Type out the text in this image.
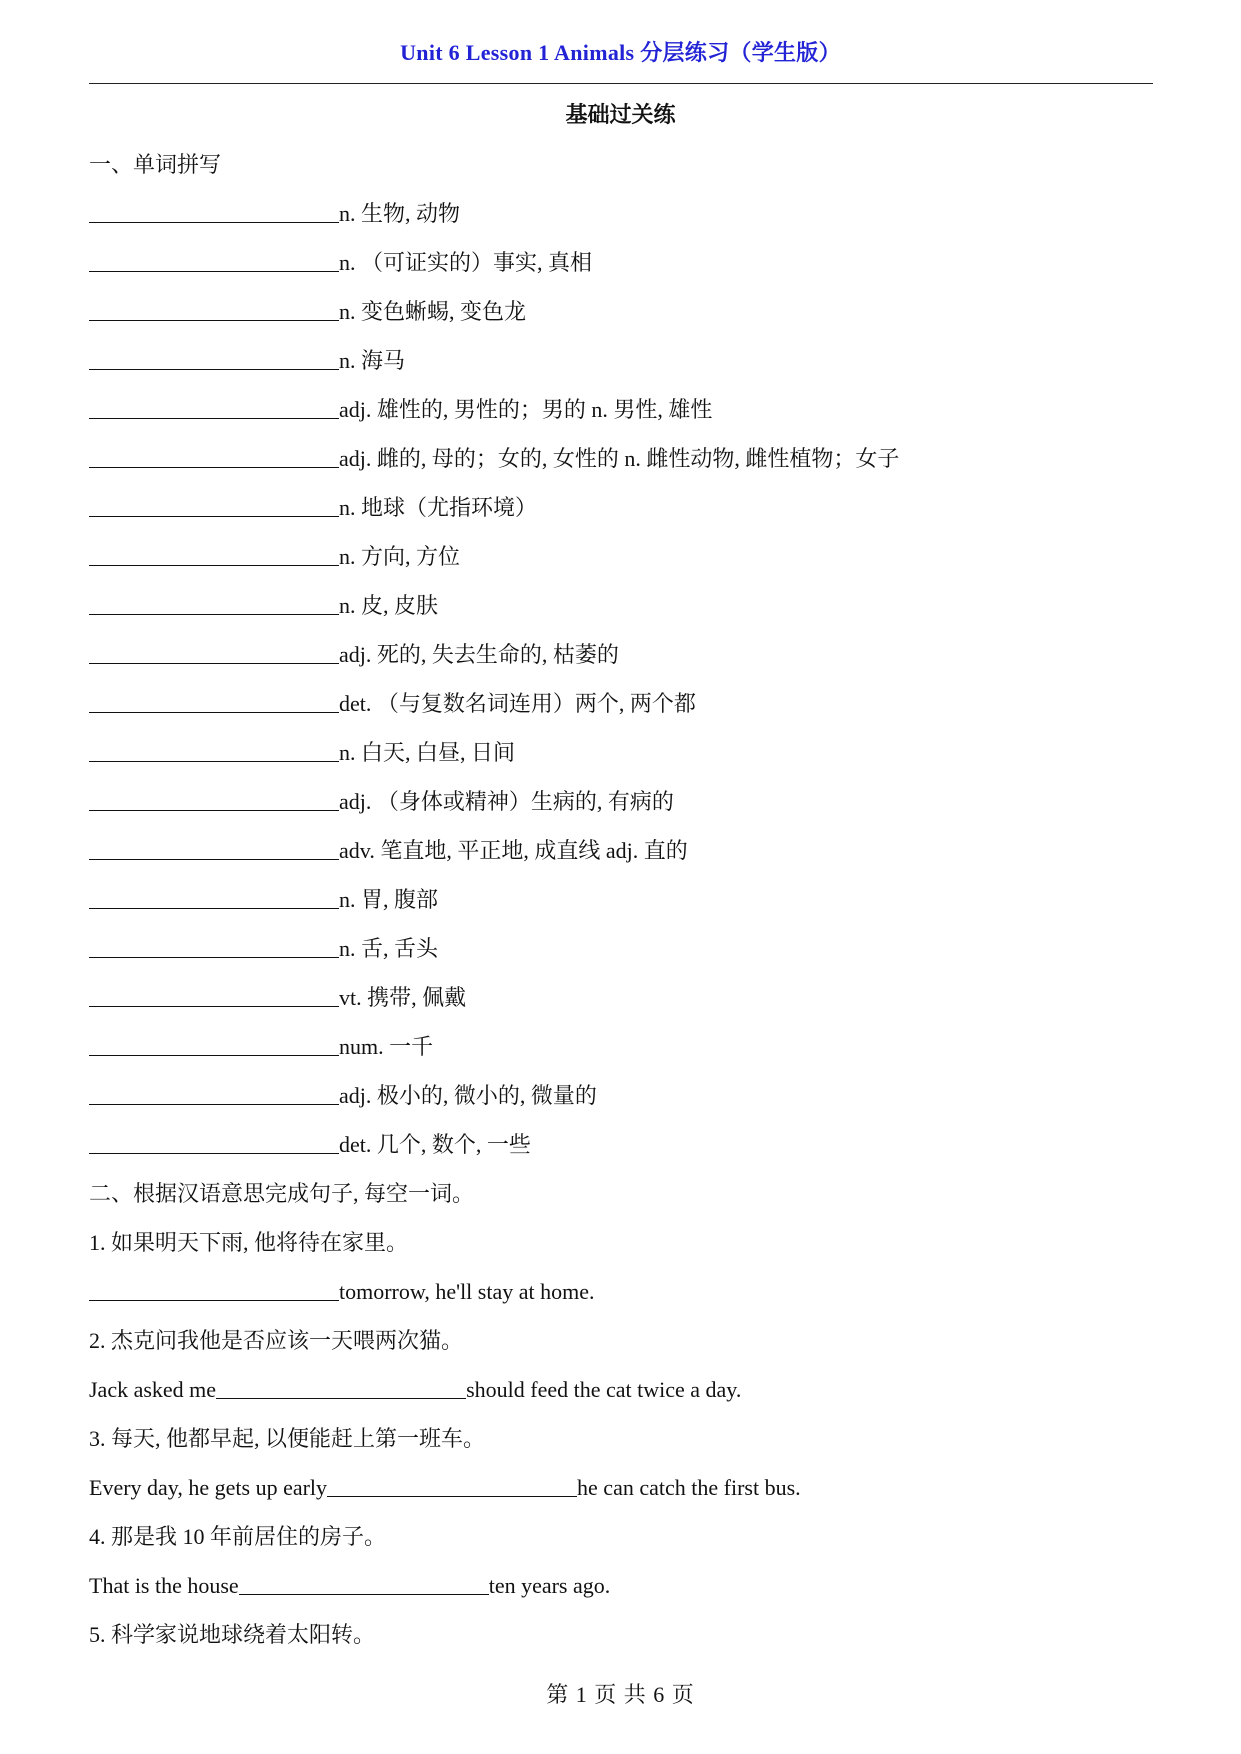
Unit 6 Lesson 1 Animals 分层练习（学生版）
基础过关练
一、单词拼写
n. 生物, 动物
n. （可证实的）事实, 真相
n. 变色蜥蜴, 变色龙
n. 海马
adj. 雄性的, 男性的；男的 n. 男性, 雄性
adj. 雌的, 母的；女的, 女性的 n. 雌性动物, 雌性植物；女子
n. 地球（尤指环境）
n. 方向, 方位
n. 皮, 皮肤
adj. 死的, 失去生命的, 枯萎的
det. （与复数名词连用）两个, 两个都
n. 白天, 白昼, 日间
adj. （身体或精神）生病的, 有病的
adv. 笔直地, 平正地, 成直线 adj. 直的
n. 胃, 腹部
n. 舌, 舌头
vt. 携带, 佩戴
num. 一千
adj. 极小的, 微小的, 微量的
det. 几个, 数个, 一些
二、根据汉语意思完成句子, 每空一词。
1. 如果明天下雨, 他将待在家里。
tomorrow, he'll stay at home.
2. 杰克问我他是否应该一天喂两次猫。
Jack asked me	should feed the cat twice a day.
3. 每天, 他都早起, 以便能赶上第一班车。
Every day, he gets up early	he can catch the first bus.
4. 那是我 10 年前居住的房子。
That is the house	ten years ago.
5. 科学家说地球绕着太阳转。
第 1 页 共 6 页
